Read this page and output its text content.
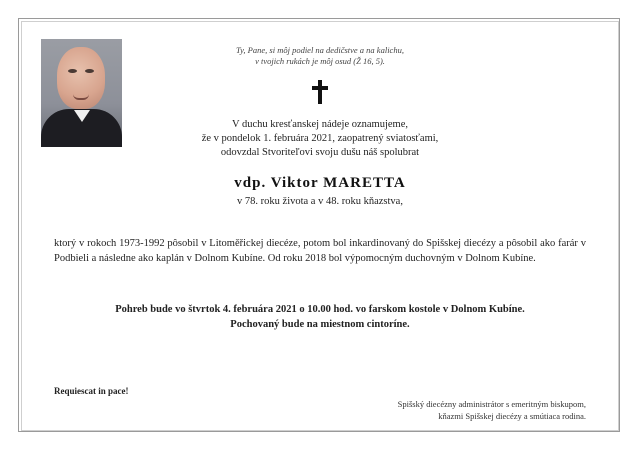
Ty, Pane, si môj podiel na dedičstve a na kalichu,
v tvojich rukách je môj osud (Ž 16, 5).
V duchu kresťanskej nádeje oznamujeme,
že v pondelok 1. februára 2021, zaopatrený sviatosťami,
odovzdal Stvoriteľovi svoju dušu náš spolubrat
vdp. Viktor MARETTA
v 78. roku života a v 48. roku kňazstva,
ktorý v rokoch 1973-1992 pôsobil v Litoměřickej diecéze, potom bol inkardinovaný do Spišskej diecézy a pôsobil ako farár v Podbieli a následne ako kaplán v Dolnom Kubíne. Od roku 2018 bol výpomocným duchovným v Dolnom Kubíne.
Pohreb bude vo štvrtok 4. februára 2021 o 10.00 hod. vo farskom kostole v Dolnom Kubíne.
Pochovaný bude na miestnom cintoríne.
Requiescat in pace!
Spišský diecézny administrátor s emeritným biskupom,
kňazmi Spišskej diecézy a smútiaca rodina.
